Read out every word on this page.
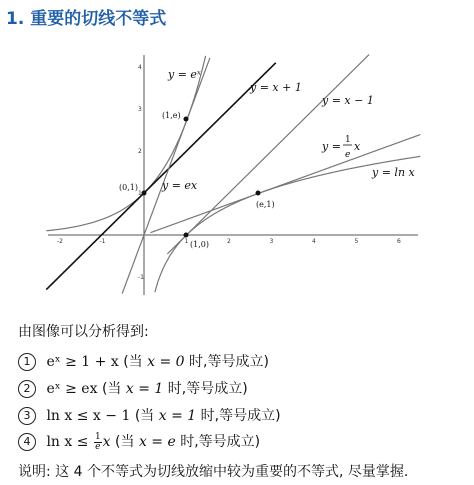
1. 重要的切线不等式
-2	-1	1	2	3	4	5	6
4
3
2
1
-1
(0,1)
(1,e)
(1,0)
(e,1)
y = eˣ
y = x + 1
y = ex
y = x − 1
y = 1
e
x
y = ln x
由图像可以分析得到:
1 eˣ ≥ 1 + x (当 x = 0 时,等号成立)
2 eˣ ≥ ex (当 x = 1 时,等号成立)
3 ln x ≤ x − 1 (当 x = 1 时,等号成立)
4 $\ln x \le \frac{1}{e}$ x (当 x = e 时,等号成立)
说明: 这 4 个不等式为切线放缩中较为重要的不等式, 尽量掌握.
